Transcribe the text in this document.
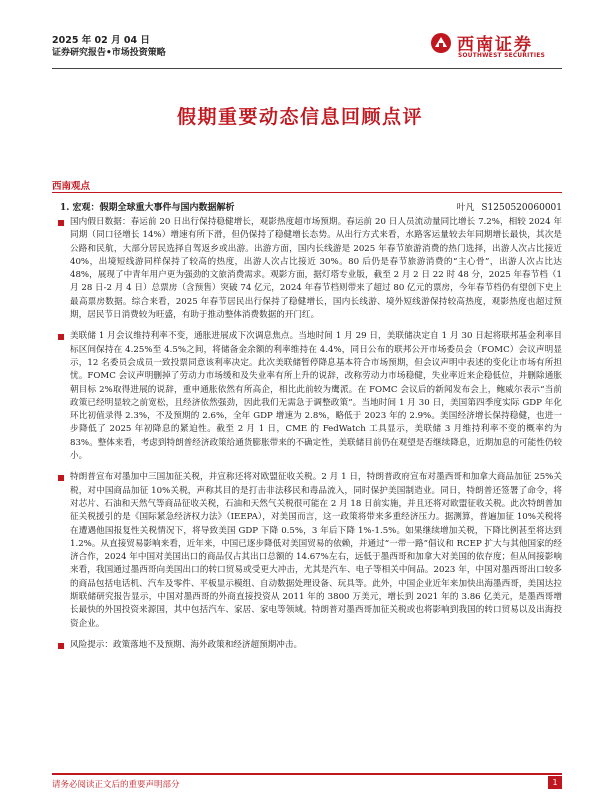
2025 年 02 月 04 日
证券研究报告•市场投资策略	西南证券
SOUTHWEST SECURITIES
假期重要动态信息回顾点评
西南观点
1. 宏观：假期全球重大事件与国内数据解析	叶凡 S1250520060001
国内假日数据：春运前 20 日出行保持稳健增长，观影热度超市场预期。春运前 20 日人员流动量同比增长 7.2%，相较 2024 年同期（同口径增长 14%）增速有所下滑，但仍保持了稳健增长态势。从出行方式来看，水路客运量较去年同期增长最快，其次是公路和民航，大部分居民选择自驾返乡或出游。出游方面，国内长线游是 2025 年春节旅游消费的热门选择，出游人次占比接近 40%，出境短线游同样保持了较高的热度，出游人次占比接近 30%。80 后仍是春节旅游消费的“主心骨”，出游人次占比达 48%，展现了中青年用户更为强劲的文旅消费需求。观影方面，据灯塔专业版，截至 2 月 2 日 22 时 48 分，2025 年春节档（1 月 28 日-2 月 4 日）总票房（含预售）突破 74 亿元，2024 年春节档则带来了超过 80 亿元的票房，今年春节档仍有望创下史上最高票房数据。综合来看，2025 年春节居民出行保持了稳健增长，国内长线游、境外短线游保持较高热度，观影热度也超过预期，居民节日消费较为旺盛，有助于推动整体消费数据的开门红。
美联储 1 月会议维持利率不变，通胀进展成下次调息焦点。当地时间 1 月 29 日，美联储决定自 1 月 30 日起将联邦基金利率目标区间保持在 4.25%至 4.5%之间，将储备金余额的利率维持在 4.4%，同日公布的联邦公开市场委员会（FOMC）会议声明显示，12 名委员会成员一致投票同意该利率决定。此次美联储暂停降息基本符合市场预期，但会议声明中表述的变化让市场有所担忧。FOMC 会议声明删掉了劳动力市场缓和及失业率有所上升的说辞，改称劳动力市场稳健，失业率近来企稳低位，并删除通胀朝目标 2%取得进展的说辞，重申通胀依然有所高企，相比此前较为鹰派。在 FOMC 会议后的新闻发布会上，鲍威尔表示“当前政策已经明显较之前宽松，且经济依然强劲，因此我们无需急于调整政策”。当地时间 1 月 30 日，美国第四季度实际 GDP 年化环比初值录得 2.3%，不及预期的 2.6%，全年 GDP 增速为 2.8%，略低于 2023 年的 2.9%。美国经济增长保持稳健，也进一步降低了 2025 年初降息的紧迫性。截至 2 月 1 日，CME 的 FedWatch 工具显示，美联储 3 月维持利率不变的概率约为 83%。整体来看，考虑到特朗普经济政策给通货膨胀带来的不确定性，美联储目前仍在观望是否继续降息，近期加息的可能性仍较小。
特朗普宣布对墨加中三国加征关税，并宣称还将对欧盟征收关税。2 月 1 日，特朗普政府宣布对墨西哥和加拿大商品加征 25%关税，对中国商品加征 10%关税，声称其目的是打击非法移民和毒品流入，同时保护美国制造业。同日，特朗普还签署了命令，将对芯片、石油和天然气等商品征收关税，石油和天然气关税很可能在 2 月 18 日前实施，并且还将对欧盟征收关税。此次特朗普加征关税援引的是《国际紧急经济权力法》（IEEPA），对美国而言，这一政策将带来多重经济压力。据测算，普遍加征 10%关税将在遭遇他国报复性关税情况下，将导致美国 GDP 下降 0.5%，3 年后下降 1%-1.5%。如果继续增加关税，下降比例甚至将达到 1.2%。从直接贸易影响来看，近年来，中国已逐步降低对美国贸易的依赖，并通过“一带一路”倡议和 RCEP 扩大与其他国家的经济合作，2024 年中国对美国出口的商品仅占其出口总额的 14.67%左右，远低于墨西哥和加拿大对美国的依存度；但从间接影响来看，我国通过墨西哥向美国出口的转口贸易或受更大冲击，尤其是汽车、电子等相关中间品。2023 年，中国对墨西哥出口较多的商品包括电话机、汽车及零件、平板显示模组、自动数据处理设备、玩具等。此外，中国企业近年来加快出海墨西哥，美国达拉斯联储研究报告显示，中国对墨西哥的外商直接投资从 2011 年的 3800 万美元，增长到 2021 年的 3.86 亿美元，是墨西哥增长最快的外国投资来源国，其中包括汽车、家居、家电等领域。特朗普对墨西哥加征关税或也将影响到我国的转口贸易以及出海投资企业。
风险提示：政策落地不及预期、海外政策和经济超预期冲击。
请务必阅读正文后的重要声明部分	1
